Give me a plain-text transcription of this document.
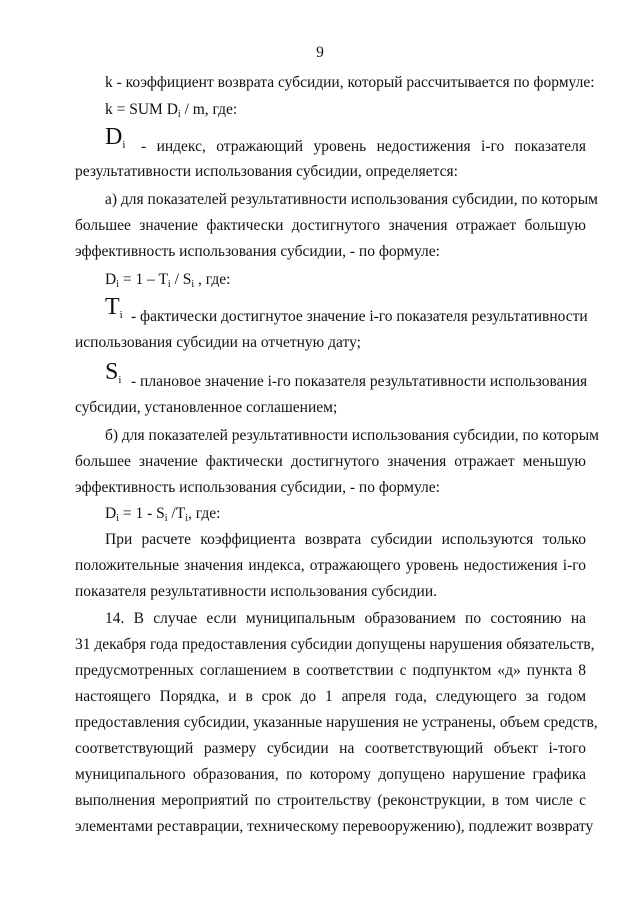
9
k - коэффициент возврата субсидии, который рассчитывается по формуле:
k = SUM $D_i$ / m, где:
$D_i$ - индекс, отражающий уровень недостижения i-го показателя
результативности использования субсидии, определяется:
а) для показателей результативности использования субсидии, по которым
большее значение фактически достигнутого значения отражает большую
эффективность использования субсидии, - по формуле:
$D_i = 1 - T_i / S_i$ , где:
$T_i$ - фактически достигнутое значение i-го показателя результативности
использования субсидии на отчетную дату;
$S_i$ - плановое значение i-го показателя результативности использования
субсидии, установленное соглашением;
б) для показателей результативности использования субсидии, по которым
большее значение фактически достигнутого значения отражает меньшую
эффективность использования субсидии, - по формуле:
$D_i = 1 - S_i$ $/T_i$, где:
При расчете коэффициента возврата субсидии используются только
положительные значения индекса, отражающего уровень недостижения i-го
показателя результативности использования субсидии.
14. В случае если муниципальным образованием по состоянию на
31 декабря года предоставления субсидии допущены нарушения обязательств,
предусмотренных соглашением в соответствии с подпунктом «д» пункта 8
настоящего Порядка, и в срок до 1 апреля года, следующего за годом
предоставления субсидии, указанные нарушения не устранены, объем средств,
соответствующий размеру субсидии на соответствующий объект i-того
муниципального образования, по которому допущено нарушение графика
выполнения мероприятий по строительству (реконструкции, в том числе с
элементами реставрации, техническому перевооружению), подлежит возврату
